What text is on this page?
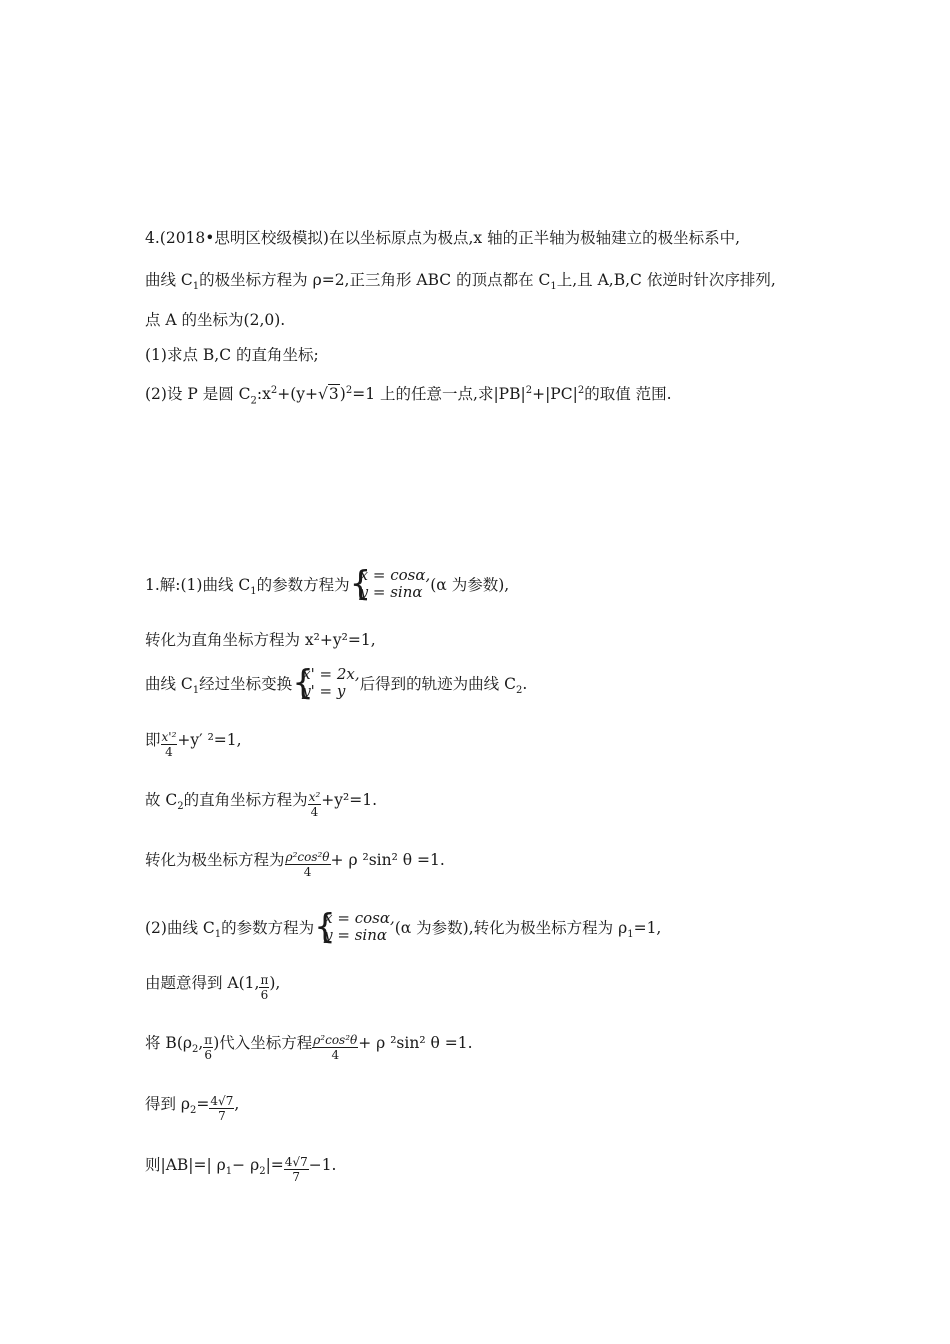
4.(2018•思明区校级模拟)在以坐标原点为极点,x 轴的正半轴为极轴建立的极坐标系中,
曲线 $C_1$的极坐标方程为 ρ=2,正三角形 ABC 的顶点都在 $C_1$上,且 A,B,C 依逆时针次序排列,
点 A 的坐标为(2,0).
(1)求点 B,C 的直角坐标;
(2)设 P 是圆 $C_2:x^2+(y+√3)^2=1$ 上的任意一点,求$|PB|^2+|PC|^2$的取值 范围.
1.解:(1)曲线 $C_1$的参数方程为 {
x = cosα,
y = sinα (α 为参数),
转化为直角坐标方程为 x²+y²=1,
曲线 $C_1$经过坐标变换 {
x' = 2x,
y' = y 后得到的轨迹为曲线 $C_2$.
即 $\frac{\text{x'²}}{4} +y'$ ²=1,
故 $C_2$的直角坐标方程为 $\frac{\text{x²}}{4} +y^2=1$.
转化为极坐标方程为 $\frac{\text{ρ²cos²θ}}{4} + \rho$ ²sin² θ =1.
(2)曲线 $C_1$的参数方程为 {
x = cosα,
y = sinα (α 为参数),转化为极坐标方程为 $\rho_1=1$,
由题意得到 A(1, $\frac{\pi}{6}$ ),
将 $B(\rho_2$, $\frac{\pi}{6}$ )代入坐标方程 $\frac{\text{ρ²cos²θ}}{4} + \rho$ ²sin² θ =1.
得到 $\rho_2= \frac{4√7}{7}$ ,
则|AB|=| $\rho_1- \rho_2|= \frac{4√7}{7} -1$.
